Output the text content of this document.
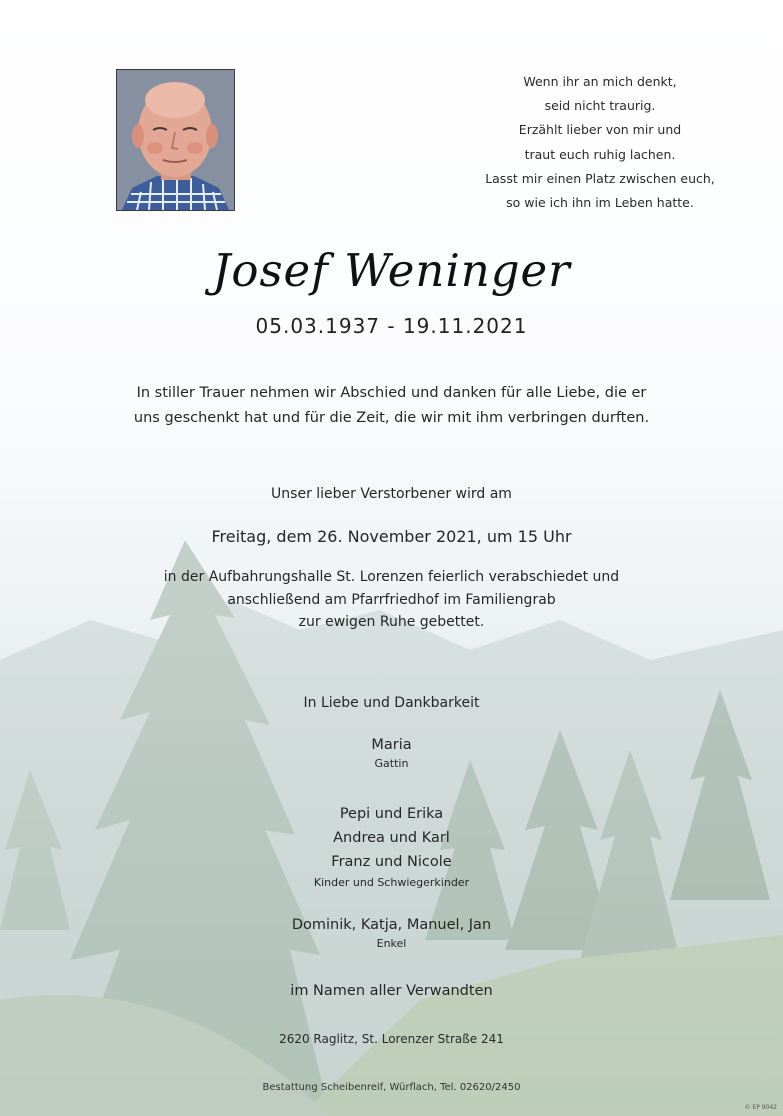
Wenn ihr an mich denkt,
seid nicht traurig.
Erzählt lieber von mir und
traut euch ruhig lachen.
Lasst mir einen Platz zwischen euch,
so wie ich ihn im Leben hatte.
Josef Weninger
05.03.1937 - 19.11.2021
In stiller Trauer nehmen wir Abschied und danken für alle Liebe, die er
uns geschenkt hat und für die Zeit, die wir mit ihm verbringen durften.
Unser lieber Verstorbener wird am
Freitag, dem 26. November 2021, um 15 Uhr
in der Aufbahrungshalle St. Lorenzen feierlich verabschiedet und
anschließend am Pfarrfriedhof im Familiengrab
zur ewigen Ruhe gebettet.
In Liebe und Dankbarkeit
Maria
Gattin
Pepi und Erika
Andrea und Karl
Franz und Nicole
Kinder und Schwiegerkinder
Dominik, Katja, Manuel, Jan
Enkel
im Namen aller Verwandten
2620 Raglitz, St. Lorenzer Straße 241
Bestattung Scheibenreif, Würflach, Tel. 02620/2450
© EP 9042
